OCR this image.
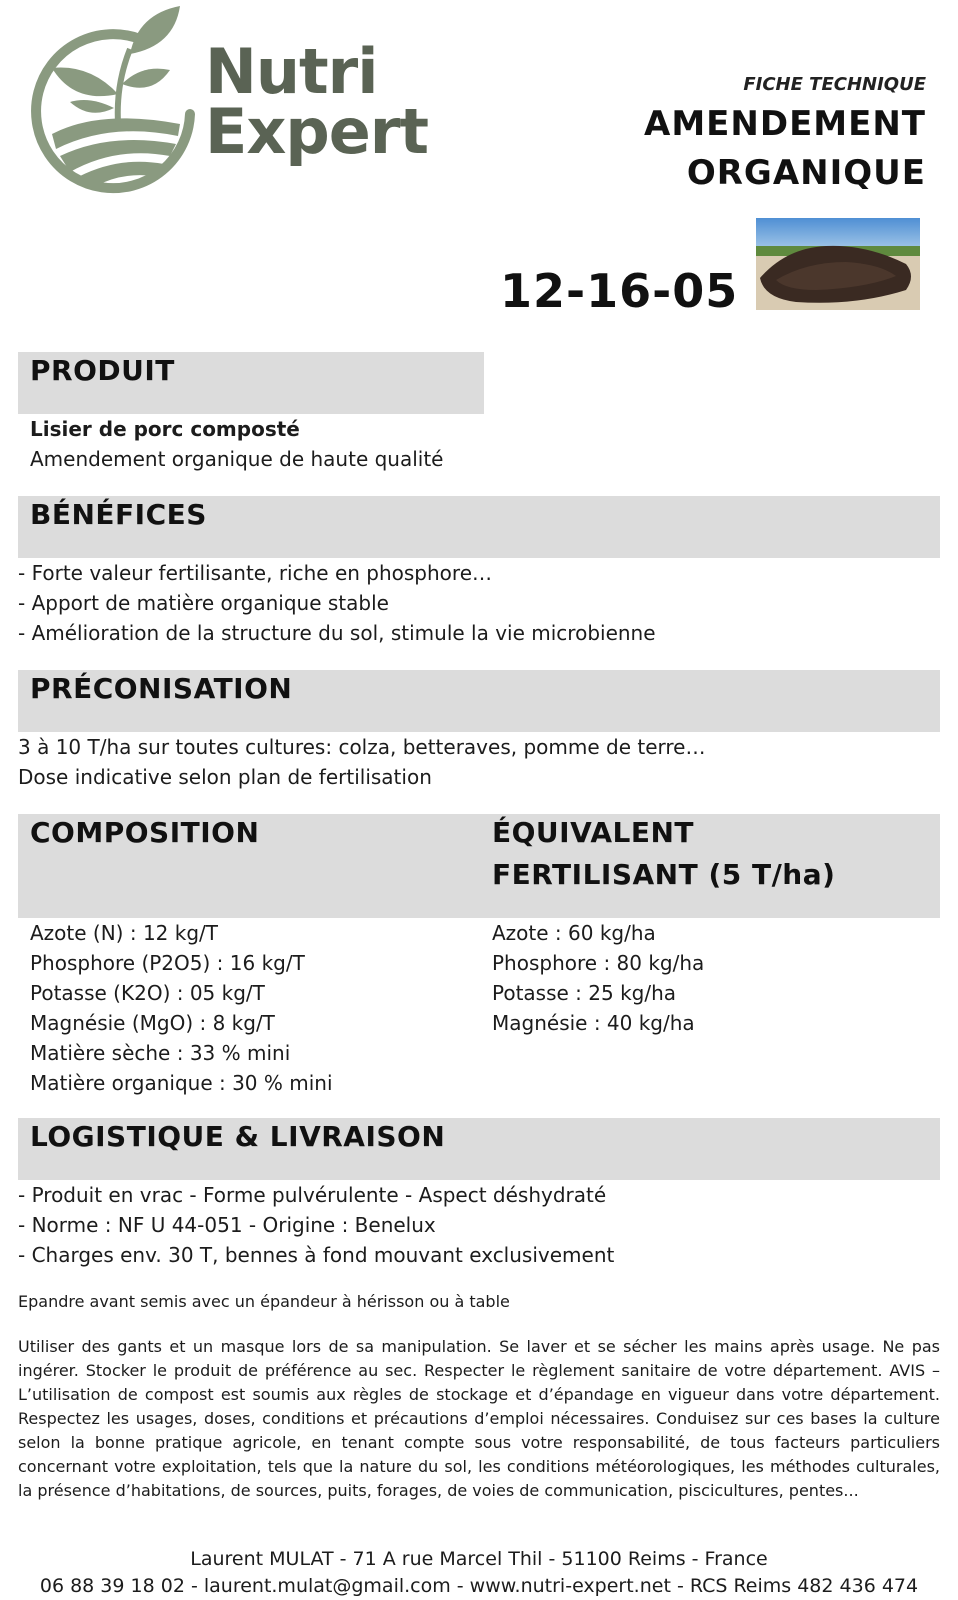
Nutri
Expert
FICHE TECHNIQUE
AMENDEMENT
ORGANIQUE
12-16-05
PRODUIT
Lisier de porc composté
Amendement organique de haute qualité
BÉNÉFICES
- Forte valeur fertilisante, riche en phosphore…
- Apport de matière organique stable
- Amélioration de la structure du sol, stimule la vie microbienne
PRÉCONISATION
3 à 10 T/ha sur toutes cultures: colza, betteraves, pomme de terre…
Dose indicative selon plan de fertilisation
COMPOSITION	ÉQUIVALENT
FERTILISANT (5 T/ha)
Azote (N) : 12 kg/T
Phosphore (P2O5) : 16 kg/T
Potasse (K2O) : 05 kg/T
Magnésie (MgO) : 8 kg/T
Matière sèche : 33 % mini
Matière organique : 30 % mini
Azote : 60 kg/ha
Phosphore : 80 kg/ha
Potasse : 25 kg/ha
Magnésie : 40 kg/ha
LOGISTIQUE & LIVRAISON
- Produit en vrac - Forme pulvérulente - Aspect déshydraté
- Norme : NF U 44-051 - Origine : Benelux
- Charges env. 30 T, bennes à fond mouvant exclusivement
Epandre avant semis avec un épandeur à hérisson ou à table
Utiliser des gants et un masque lors de sa manipulation. Se laver et se sécher les mains après usage. Ne pas ingérer. Stocker le produit de préférence au sec. Respecter le règlement sanitaire de votre département. AVIS – L’utilisation de compost est soumis aux règles de stockage et d’épandage en vigueur dans votre département. Respectez les usages, doses, conditions et précautions d’emploi nécessaires. Conduisez sur ces bases la culture selon la bonne pratique agricole, en tenant compte sous votre responsabilité, de tous facteurs particuliers concernant votre exploitation, tels que la nature du sol, les conditions météorologiques, les méthodes culturales, la présence d’habitations, de sources, puits, forages, de voies de communication, piscicultures, pentes...
Laurent MULAT - 71 A rue Marcel Thil - 51100 Reims - France
06 88 39 18 02 - laurent.mulat@gmail.com - www.nutri-expert.net - RCS Reims 482 436 474
